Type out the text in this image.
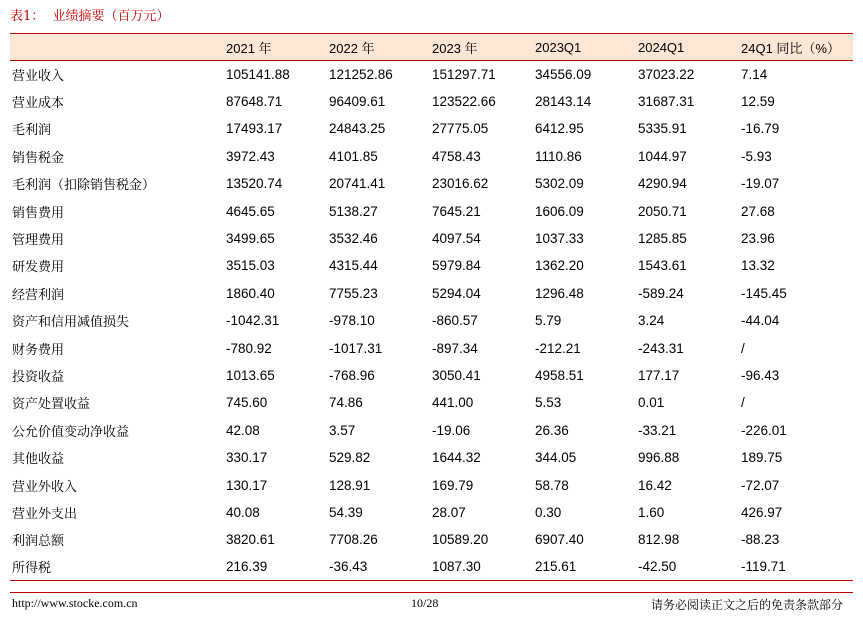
表1：  业绩摘要（百万元）
	2021 年	2022 年	2023 年	2023Q1	2024Q1	24Q1 同比（%）
营业收入	105141.88	121252.86	151297.71	34556.09	37023.22	7.14
营业成本	87648.71	96409.61	123522.66	28143.14	31687.31	12.59
毛利润	17493.17	24843.25	27775.05	6412.95	5335.91	-16.79
销售税金	3972.43	4101.85	4758.43	1110.86	1044.97	-5.93
毛利润（扣除销售税金）	13520.74	20741.41	23016.62	5302.09	4290.94	-19.07
销售费用	4645.65	5138.27	7645.21	1606.09	2050.71	27.68
管理费用	3499.65	3532.46	4097.54	1037.33	1285.85	23.96
研发费用	3515.03	4315.44	5979.84	1362.20	1543.61	13.32
经营利润	1860.40	7755.23	5294.04	1296.48	-589.24	-145.45
资产和信用减值损失	-1042.31	-978.10	-860.57	5.79	3.24	-44.04
财务费用	-780.92	-1017.31	-897.34	-212.21	-243.31	/
投资收益	1013.65	-768.96	3050.41	4958.51	177.17	-96.43
资产处置收益	745.60	74.86	441.00	5.53	0.01	/
公允价值变动净收益	42.08	3.57	-19.06	26.36	-33.21	-226.01
其他收益	330.17	529.82	1644.32	344.05	996.88	189.75
营业外收入	130.17	128.91	169.79	58.78	16.42	-72.07
营业外支出	40.08	54.39	28.07	0.30	1.60	426.97
利润总额	3820.61	7708.26	10589.20	6907.40	812.98	-88.23
所得税	216.39	-36.43	1087.30	215.61	-42.50	-119.71
http://www.stocke.com.cn	10/28	请务必阅读正文之后的免责条款部分
